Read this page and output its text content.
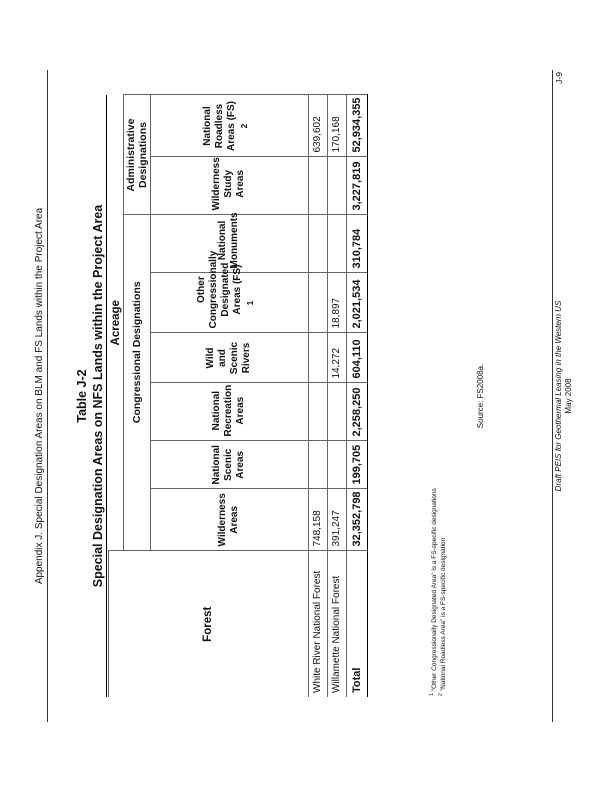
Appendix J. Special Designation Areas on BLM and FS Lands within the Project Area Table J-2 Special Designation Areas on NFS Lands within the Project Area
Forest	Acreage							
		Congressional Designations					Administrative Designations	
	Wilderness Areas	National Scenic Areas	National Recreation Areas	Wild and Scenic Rivers	Other Congressionally Designated Areas (FS) $^1$	National Monuments	Wilderness Study Areas	National Roadless Areas (FS) $^2$
White River National Forest	748,158							639,602
Willamette National Forest	391,247			14,272	18,897			170,168
Total	32,352,798	199,705	2,258,250	604,110	2,021,534	310,784	3,227,819	52,934,355
$^1$"Other Congressionally Designated Area" is a FS-specific designations
$^2$"National Roadless Area" is a FS-specific designation
Source: FS2008a.	Draft PEIS for Geothermal Leasing in the Western US May 2008
J-9
